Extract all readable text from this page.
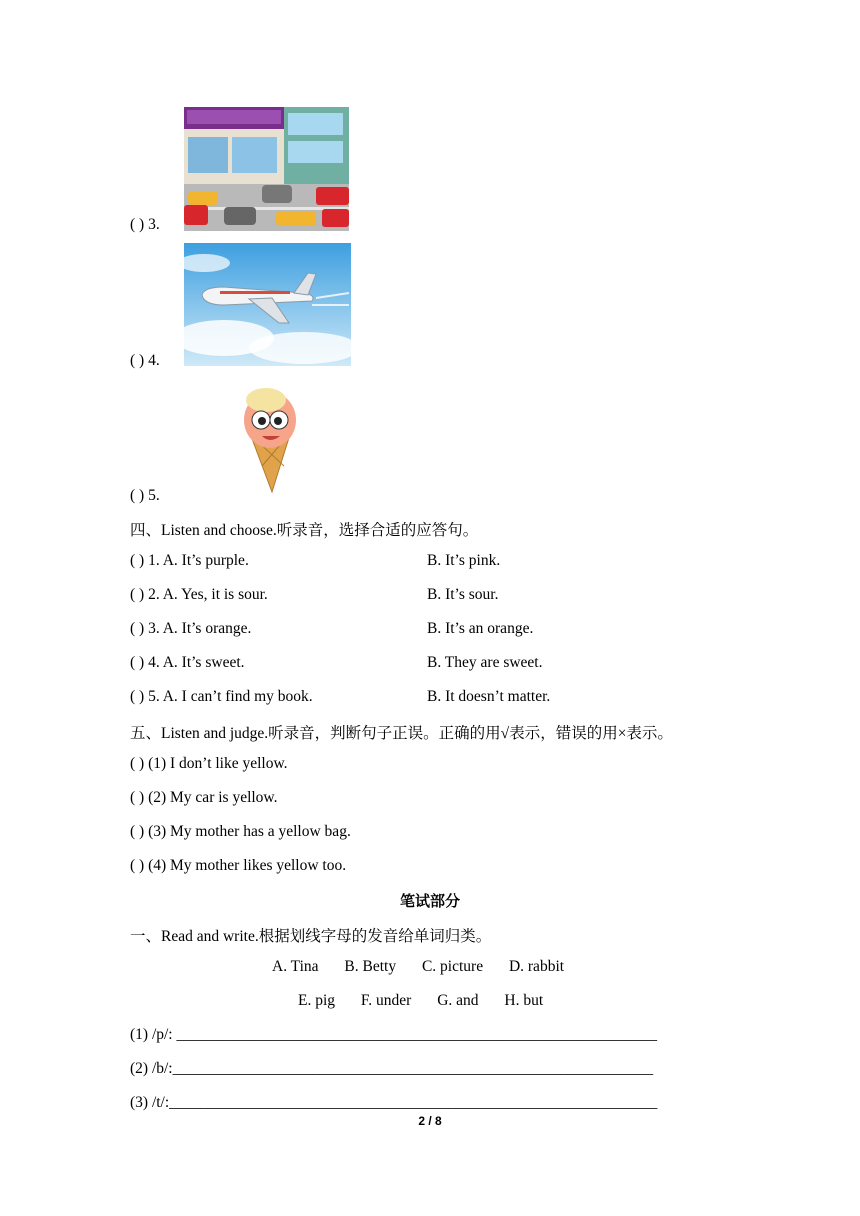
( ) 3.
( ) 4.
( ) 5.
四、Listen and choose.听录音，选择合适的应答句。
( ) 1. A. It’s purple.	B. It’s pink.
( ) 2. A. Yes, it is sour.	B. It’s sour.
( ) 3. A. It’s orange.	B. It’s an orange.
( ) 4. A. It’s sweet.	B. They are sweet.
( ) 5. A. I can’t find my book.	B. It doesn’t matter.
五、Listen and judge.听录音，判断句子正误。正确的用√表示，错误的用×表示。
( ) (1) I don’t like yellow.
( ) (2) My car is yellow.
( ) (3) My mother has a yellow bag.
( ) (4) My mother likes yellow too.
笔试部分
一、Read and write.根据划线字母的发音给单词归类。
A. Tina B. Betty C. picture D. rabbit
E. pig F. under G. and H. but
(1) /p/: ______________________________________________________________
(2) /b/:______________________________________________________________
(3) /t/:_______________________________________________________________
2 / 8
